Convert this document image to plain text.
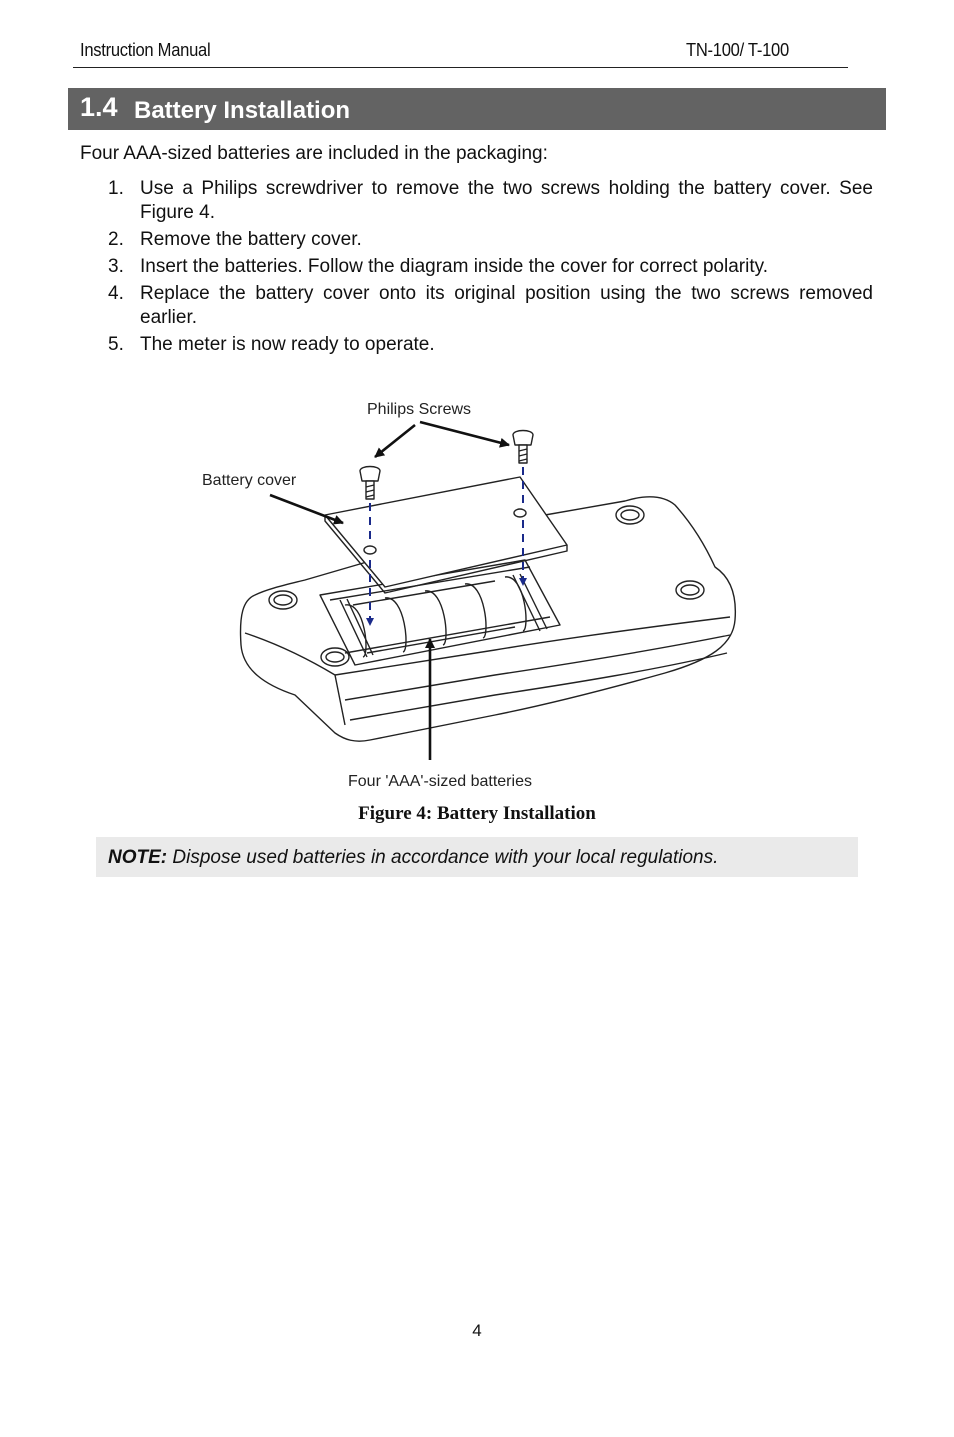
Instruction Manual	TN-100/ T-100
1.4 Battery Installation
Four AAA-sized batteries are included in the packaging:
1. Use a Philips screwdriver to remove the two screws holding the battery cover. See Figure 4.
2. Remove the battery cover.
3. Insert the batteries. Follow the diagram inside the cover for correct polarity.
4. Replace the battery cover onto its original position using the two screws removed earlier.
5. The meter is now ready to operate.
Philips Screws
Battery cover
Four 'AAA'-sized batteries
Figure 4: Battery Installation
NOTE: Dispose used batteries in accordance with your local regulations.
4
